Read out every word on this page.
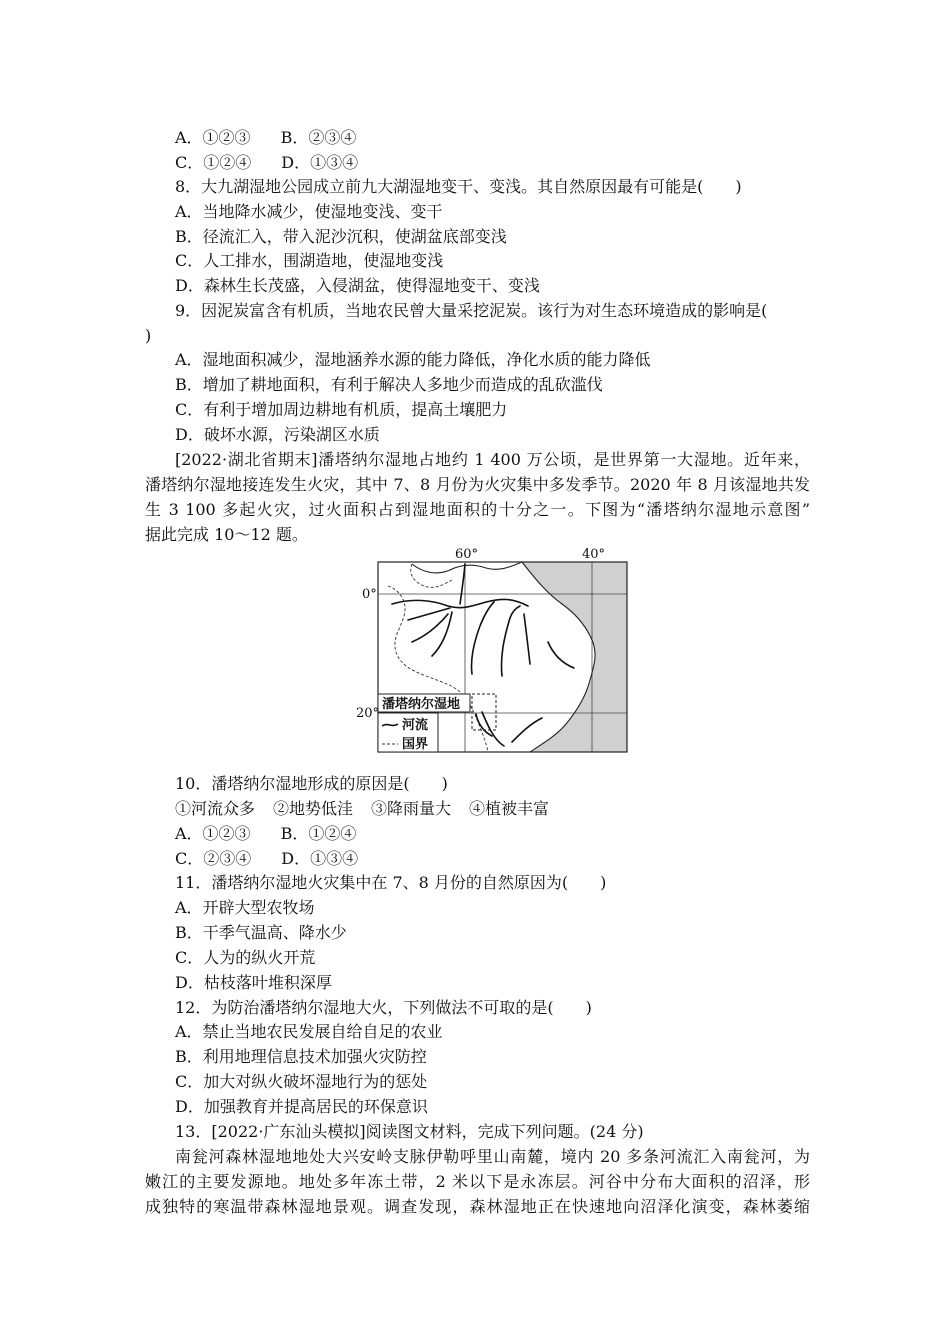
A．①②③ B．②③④
C．①②④ D．①③④
8．大九湖湿地公园成立前九大湖湿地变干、变浅。其自然原因最有可能是(　　)
A．当地降水减少，使湿地变浅、变干
B．径流汇入，带入泥沙沉积，使湖盆底部变浅
C．人工排水，围湖造地，使湿地变浅
D．森林生长茂盛，入侵湖盆，使得湿地变干、变浅
9．因泥炭富含有机质，当地农民曾大量采挖泥炭。该行为对生态环境造成的影响是(
)
A．湿地面积减少，湿地涵养水源的能力降低，净化水质的能力降低
B．增加了耕地面积，有利于解决人多地少而造成的乱砍滥伐
C．有利于增加周边耕地有机质，提高土壤肥力
D．破坏水源，污染湖区水质
[2022·湖北省期末]潘塔纳尔湿地占地约 1 400 万公顷，是世界第一大湿地。近年来，
潘塔纳尔湿地接连发生火灾，其中 7、8 月份为火灾集中多发季节。2020 年 8 月该湿地共发
生 3 100 多起火灾，过火面积占到湿地面积的十分之一。下图为“潘塔纳尔湿地示意图”
据此完成 10～12 题。
潘塔纳尔湿地
河流
国界
60°	40°
0°
20°
10．潘塔纳尔湿地形成的原因是(　　)
①河流众多 ②地势低洼 ③降雨量大 ④植被丰富
A．①②③ B．①②④
C．②③④ D．①③④
11．潘塔纳尔湿地火灾集中在 7、8 月份的自然原因为(　　)
A．开辟大型农牧场
B．干季气温高、降水少
C．人为的纵火开荒
D．枯枝落叶堆积深厚
12．为防治潘塔纳尔湿地大火，下列做法不可取的是(　　)
A．禁止当地农民发展自给自足的农业
B．利用地理信息技术加强火灾防控
C．加大对纵火破坏湿地行为的惩处
D．加强教育并提高居民的环保意识
13．[2022·广东汕头模拟]阅读图文材料，完成下列问题。(24 分)
南瓮河森林湿地地处大兴安岭支脉伊勒呼里山南麓，境内 20 多条河流汇入南瓮河，为
嫩江的主要发源地。地处多年冻土带，2 米以下是永冻层。河谷中分布大面积的沼泽，形
成独特的寒温带森林湿地景观。调查发现，森林湿地正在快速地向沼泽化演变，森林萎缩
